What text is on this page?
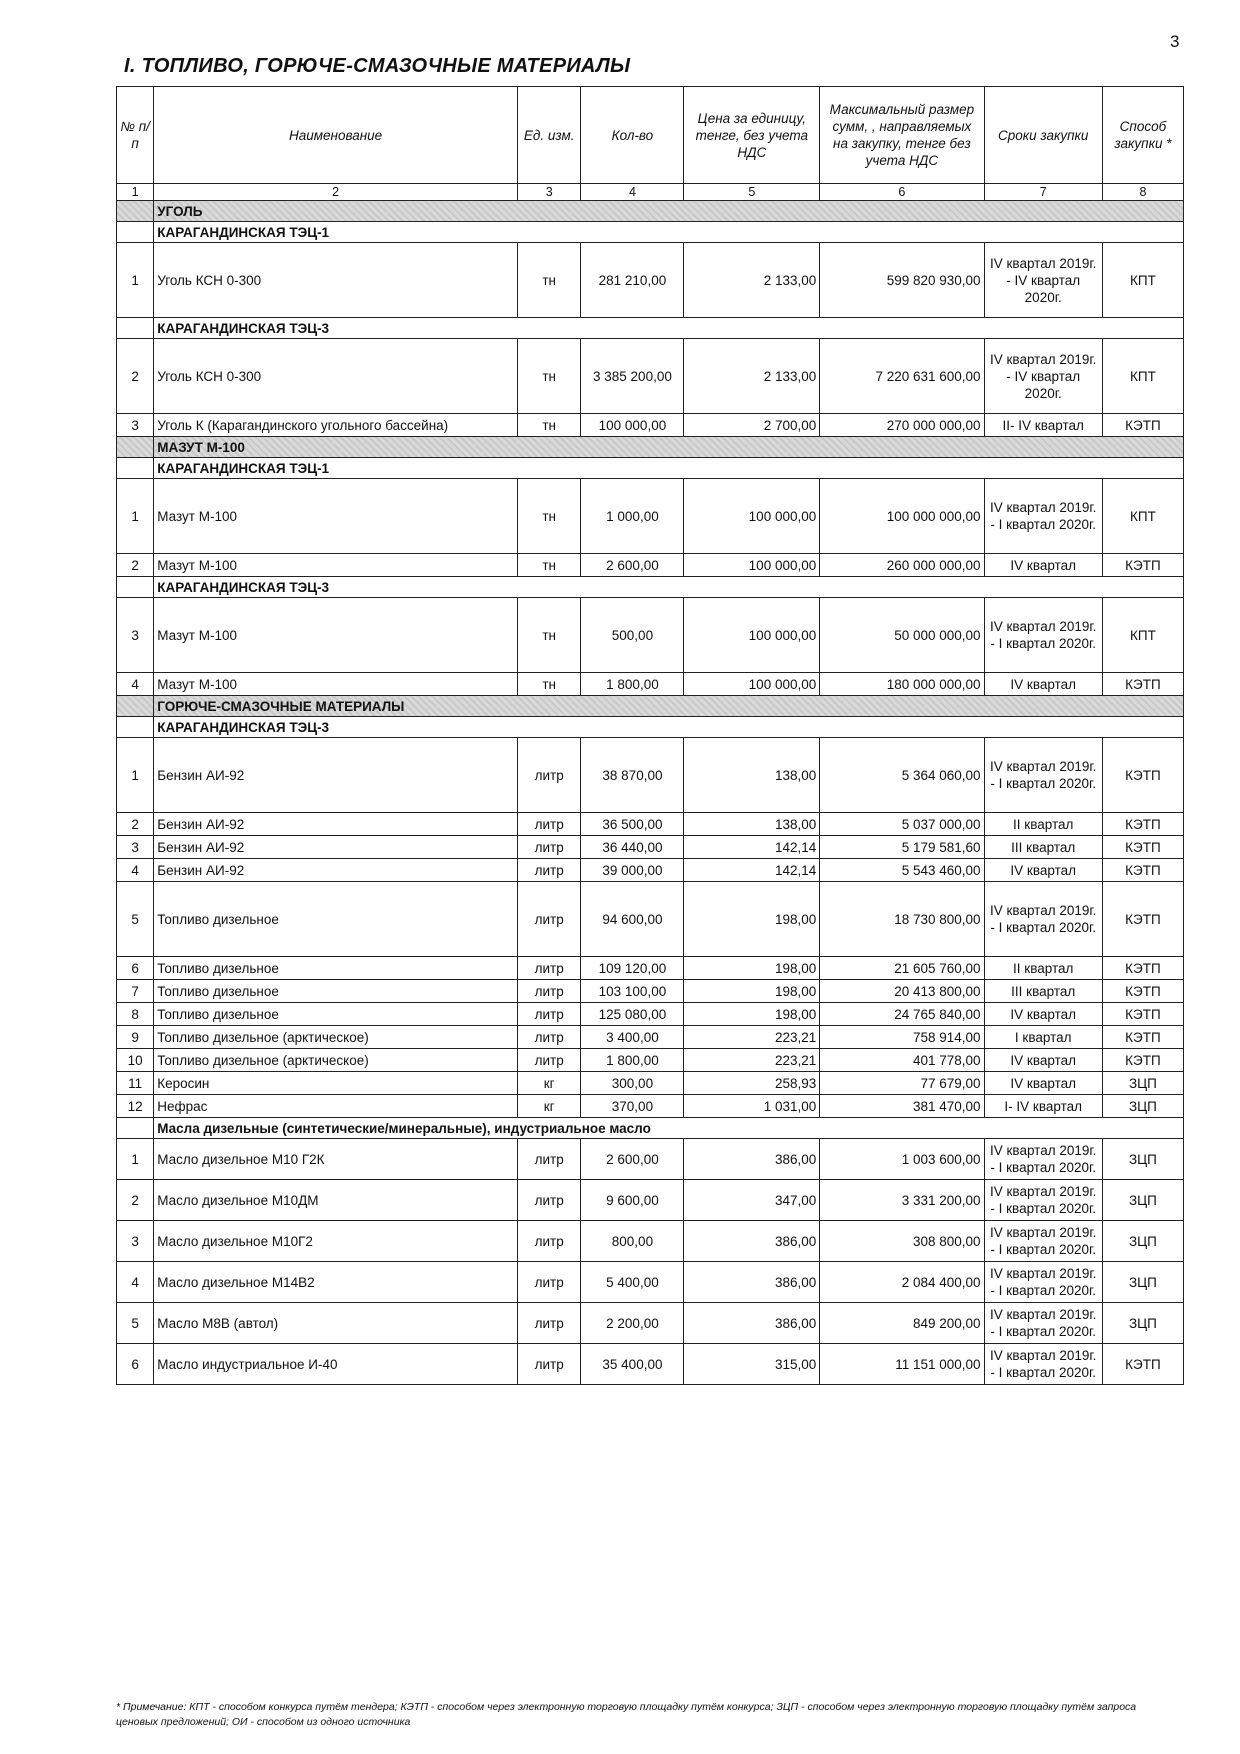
3
I. ТОПЛИВО, ГОРЮЧЕ-СМАЗОЧНЫЕ МАТЕРИАЛЫ
№ п/п	Наименование	Ед. изм.	Кол-во	Цена за единицу, тенге, без учета НДС	Максимальный размер сумм, , направляемых на закупку, тенге без учета НДС	Сроки закупки	Способ закупки *
1	2	3	4	5	6	7	8
	УГОЛЬ						
	КАРАГАНДИНСКАЯ ТЭЦ-1						
1	Уголь КСН 0-300	тн	281 210,00	2 133,00	599 820 930,00	IV квартал 2019г. - IV квартал 2020г.	КПТ
	КАРАГАНДИНСКАЯ ТЭЦ-3						
2	Уголь КСН 0-300	тн	3 385 200,00	2 133,00	7 220 631 600,00	IV квартал 2019г. - IV квартал 2020г.	КПТ
3	Уголь К (Карагандинского угольного бассейна)	тн	100 000,00	2 700,00	270 000 000,00	II- IV квартал	КЭТП
	МАЗУТ М-100						
	КАРАГАНДИНСКАЯ ТЭЦ-1						
1	Мазут М-100	тн	1 000,00	100 000,00	100 000 000,00	IV квартал 2019г. - I квартал 2020г.	КПТ
2	Мазут М-100	тн	2 600,00	100 000,00	260 000 000,00	IV квартал	КЭТП
	КАРАГАНДИНСКАЯ ТЭЦ-3						
3	Мазут М-100	тн	500,00	100 000,00	50 000 000,00	IV квартал 2019г. - I квартал 2020г.	КПТ
4	Мазут М-100	тн	1 800,00	100 000,00	180 000 000,00	IV квартал	КЭТП
	ГОРЮЧЕ-СМАЗОЧНЫЕ МАТЕРИАЛЫ						
	КАРАГАНДИНСКАЯ ТЭЦ-3						
1	Бензин АИ-92	литр	38 870,00	138,00	5 364 060,00	IV квартал 2019г. - I квартал 2020г.	КЭТП
2	Бензин АИ-92	литр	36 500,00	138,00	5 037 000,00	II квартал	КЭТП
3	Бензин АИ-92	литр	36 440,00	142,14	5 179 581,60	III квартал	КЭТП
4	Бензин АИ-92	литр	39 000,00	142,14	5 543 460,00	IV квартал	КЭТП
5	Топливо дизельное	литр	94 600,00	198,00	18 730 800,00	IV квартал 2019г. - I квартал 2020г.	КЭТП
6	Топливо дизельное	литр	109 120,00	198,00	21 605 760,00	II квартал	КЭТП
7	Топливо дизельное	литр	103 100,00	198,00	20 413 800,00	III квартал	КЭТП
8	Топливо дизельное	литр	125 080,00	198,00	24 765 840,00	IV квартал	КЭТП
9	Топливо дизельное (арктическое)	литр	3 400,00	223,21	758 914,00	I квартал	КЭТП
10	Топливо дизельное (арктическое)	литр	1 800,00	223,21	401 778,00	IV квартал	КЭТП
11	Керосин	кг	300,00	258,93	77 679,00	IV квартал	ЗЦП
12	Нефрас	кг	370,00	1 031,00	381 470,00	I- IV квартал	ЗЦП
	Масла дизельные (синтетические/минеральные), индустриальное масло						
1	Масло дизельное М10 Г2К	литр	2 600,00	386,00	1 003 600,00	IV квартал 2019г. - I квартал 2020г.	ЗЦП
2	Масло дизельное М10ДМ	литр	9 600,00	347,00	3 331 200,00	IV квартал 2019г. - I квартал 2020г.	ЗЦП
3	Масло дизельное М10Г2	литр	800,00	386,00	308 800,00	IV квартал 2019г. - I квартал 2020г.	ЗЦП
4	Масло дизельное М14В2	литр	5 400,00	386,00	2 084 400,00	IV квартал 2019г. - I квартал 2020г.	ЗЦП
5	Масло М8В (автол)	литр	2 200,00	386,00	849 200,00	IV квартал 2019г. - I квартал 2020г.	ЗЦП
6	Масло индустриальное И-40	литр	35 400,00	315,00	11 151 000,00	IV квартал 2019г. - I квартал 2020г.	КЭТП
* Примечание: КПТ - способом конкурса путём тендера; КЭТП - способом через электронную торговую площадку путём конкурса; ЗЦП - способом через электронную торговую площадку путём запроса ценовых предложений; ОИ - способом из одного источника
